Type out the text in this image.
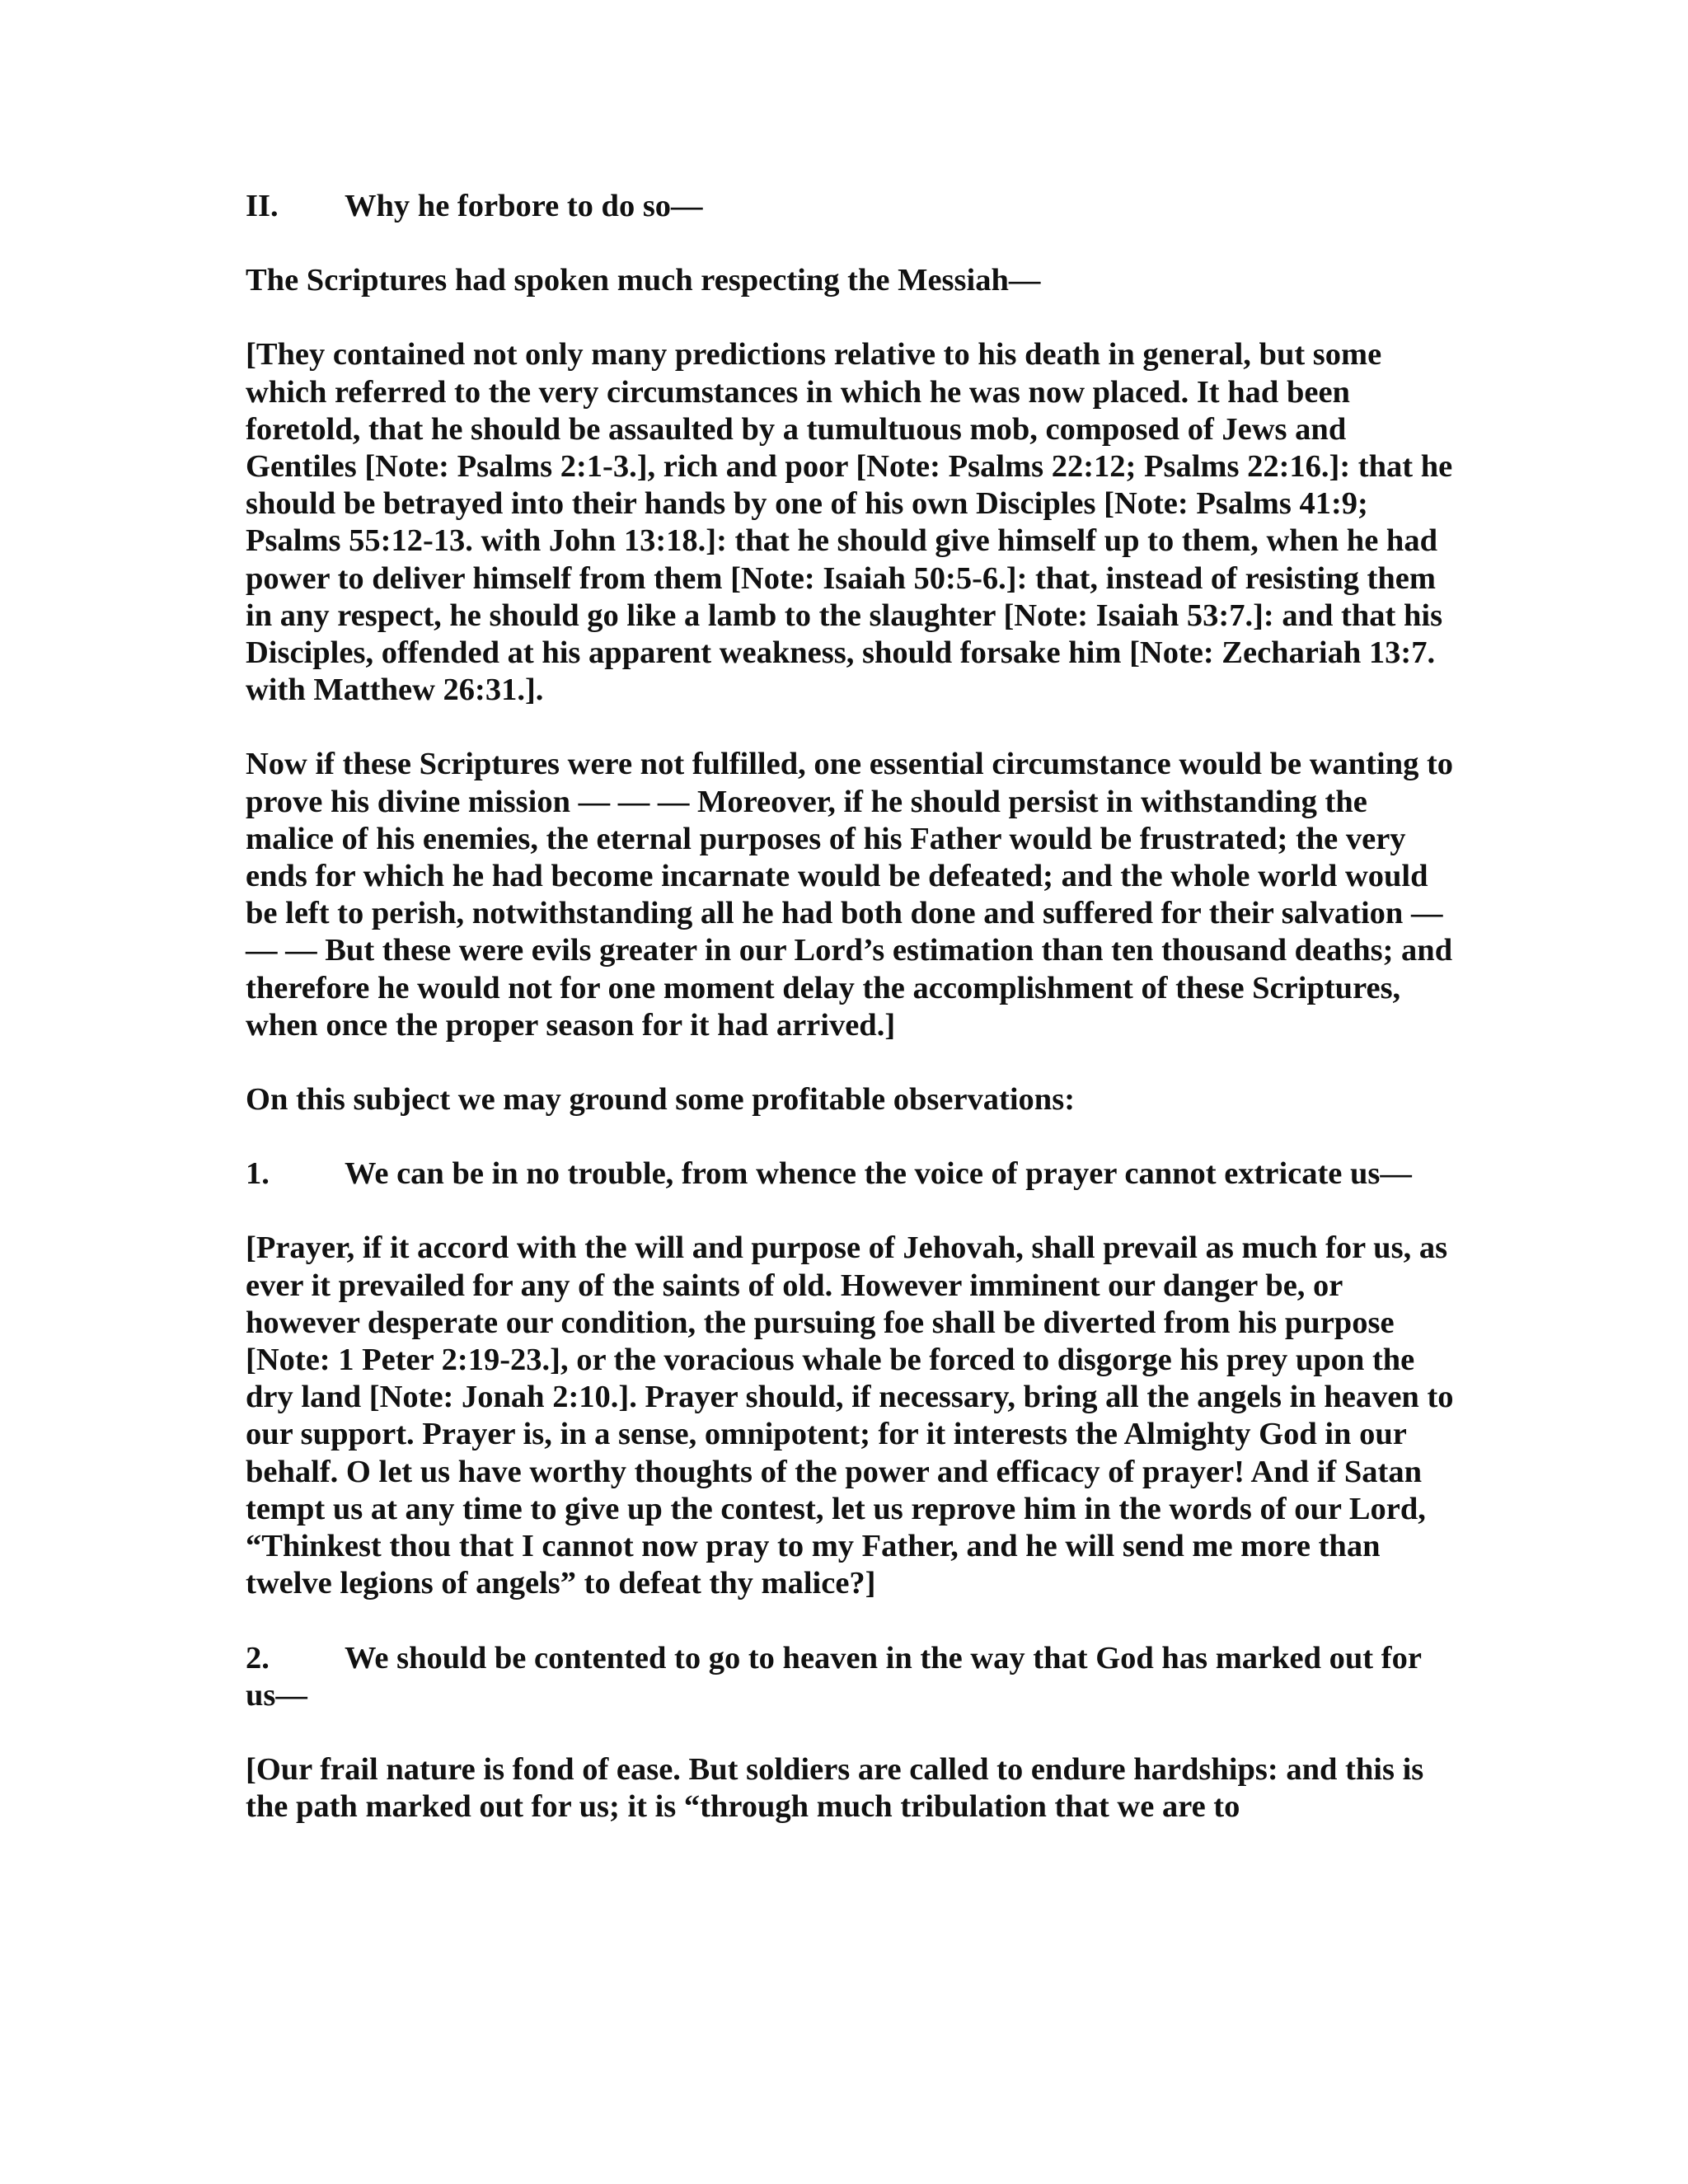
II.	Why he forbore to do so—

The Scriptures had spoken much respecting the Messiah—

[They contained not only many predictions relative to his death in general, but some which referred to the very circumstances in which he was now placed. It had been foretold, that he should be assaulted by a tumultuous mob, composed of Jews and Gentiles [Note: Psalms 2:1-3.], rich and poor [Note: Psalms 22:12; Psalms 22:16.]: that he should be betrayed into their hands by one of his own Disciples [Note: Psalms 41:9; Psalms 55:12-13. with John 13:18.]: that he should give himself up to them, when he had power to deliver himself from them [Note: Isaiah 50:5-6.]: that, instead of resisting them in any respect, he should go like a lamb to the slaughter [Note: Isaiah 53:7.]: and that his Disciples, offended at his apparent weakness, should forsake him [Note: Zechariah 13:7. with Matthew 26:31.].

Now if these Scriptures were not fulfilled, one essential circumstance would be wanting to prove his divine mission — — — Moreover, if he should persist in withstanding the malice of his enemies, the eternal purposes of his Father would be frustrated; the very ends for which he had become incarnate would be defeated; and the whole world would be left to perish, notwithstanding all he had both done and suffered for their salvation — — — But these were evils greater in our Lord’s estimation than ten thousand deaths; and therefore he would not for one moment delay the accomplishment of these Scriptures, when once the proper season for it had arrived.]

On this subject we may ground some profitable observations:

1. We can be in no trouble, from whence the voice of prayer cannot extricate us—

[Prayer, if it accord with the will and purpose of Jehovah, shall prevail as much for us, as ever it prevailed for any of the saints of old. However imminent our danger be, or however desperate our condition, the pursuing foe shall be diverted from his purpose [Note: 1 Peter 2:19-23.], or the voracious whale be forced to disgorge his prey upon the dry land [Note: Jonah 2:10.]. Prayer should, if necessary, bring all the angels in heaven to our support. Prayer is, in a sense, omnipotent; for it interests the Almighty God in our behalf. O let us have worthy thoughts of the power and efficacy of prayer! And if Satan tempt us at any time to give up the contest, let us reprove him in the words of our Lord, “Thinkest thou that I cannot now pray to my Father, and he will send me more than twelve legions of angels” to defeat thy malice?]

2. We should be contented to go to heaven in the way that God has marked out for us—

[Our frail nature is fond of ease. But soldiers are called to endure hardships: and this is the path marked out for us; it is “through much tribulation that we are to
